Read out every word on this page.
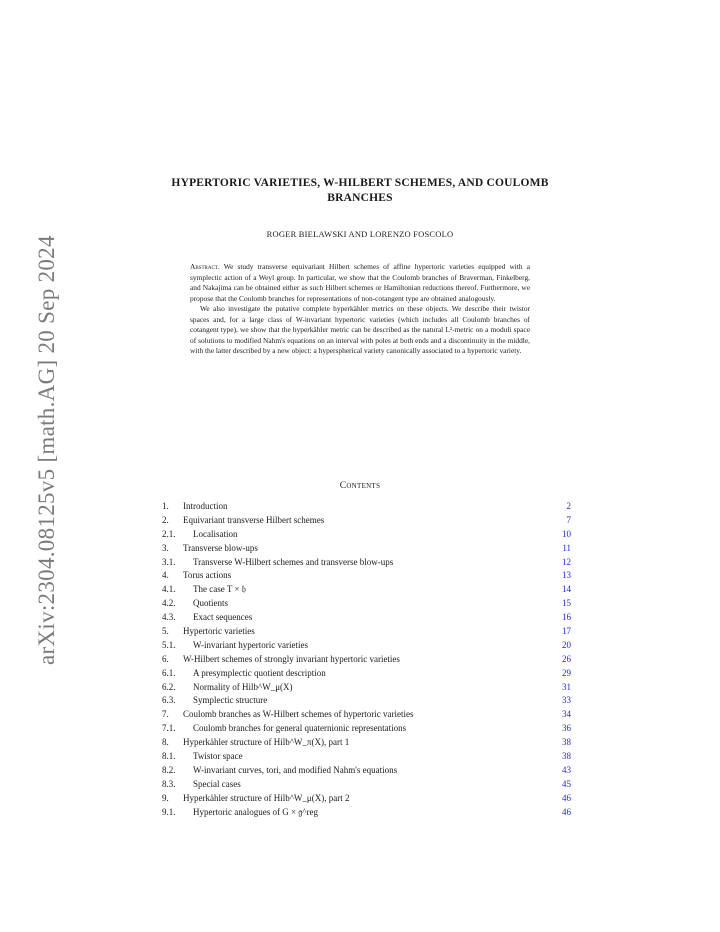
arXiv:2304.08125v5 [math.AG] 20 Sep 2024
HYPERTORIC VARIETIES, W-HILBERT SCHEMES, AND COULOMB BRANCHES
ROGER BIELAWSKI AND LORENZO FOSCOLO

Abstract. We study transverse equivariant Hilbert schemes of affine hypertoric varieties equipped with a symplectic action of a Weyl group. In particular, we show that the Coulomb branches of Braverman, Finkelberg, and Nakajima can be obtained either as such Hilbert schemes or Hamiltonian reductions thereof. Furthermore, we propose that the Coulomb branches for representations of non-cotangent type are obtained analogously.

We also investigate the putative complete hyperkähler metrics on these objects. We describe their twistor spaces and, for a large class of W-invariant hypertoric varieties (which includes all Coulomb branches of cotangent type), we show that the hyperkähler metric can be described as the natural L²-metric on a moduli space of solutions to modified Nahm's equations on an interval with poles at both ends and a discontinuity in the middle, with the latter described by a new object: a hyperspherical variety canonically associated to a hypertoric variety.

Contents
1. Introduction	2
2. Equivariant transverse Hilbert schemes	7
2.1. Localisation	10
3. Transverse blow-ups	11
3.1. Transverse W-Hilbert schemes and transverse blow-ups	12
4. Torus actions	13
4.1. The case T × 𝔥	14
4.2. Quotients	15
4.3. Exact sequences	16
5. Hypertoric varieties	17
5.1. W-invariant hypertoric varieties	20
6. W-Hilbert schemes of strongly invariant hypertoric varieties	26
6.1. A presymplectic quotient description	29
6.2. Normality of Hilb^W_μ(X)	31
6.3. Symplectic structure	33
7. Coulomb branches as W-Hilbert schemes of hypertoric varieties	34
7.1. Coulomb branches for general quaternionic representations	36
8. Hyperkähler structure of Hilb^W_π(X), part 1	38
8.1. Twistor space	38
8.2. W-invariant curves, tori, and modified Nahm's equations	43
8.3. Special cases	45
9. Hyperkähler structure of Hilb^W_μ(X), part 2	46
9.1. Hypertoric analogues of G × 𝔤^reg	46
